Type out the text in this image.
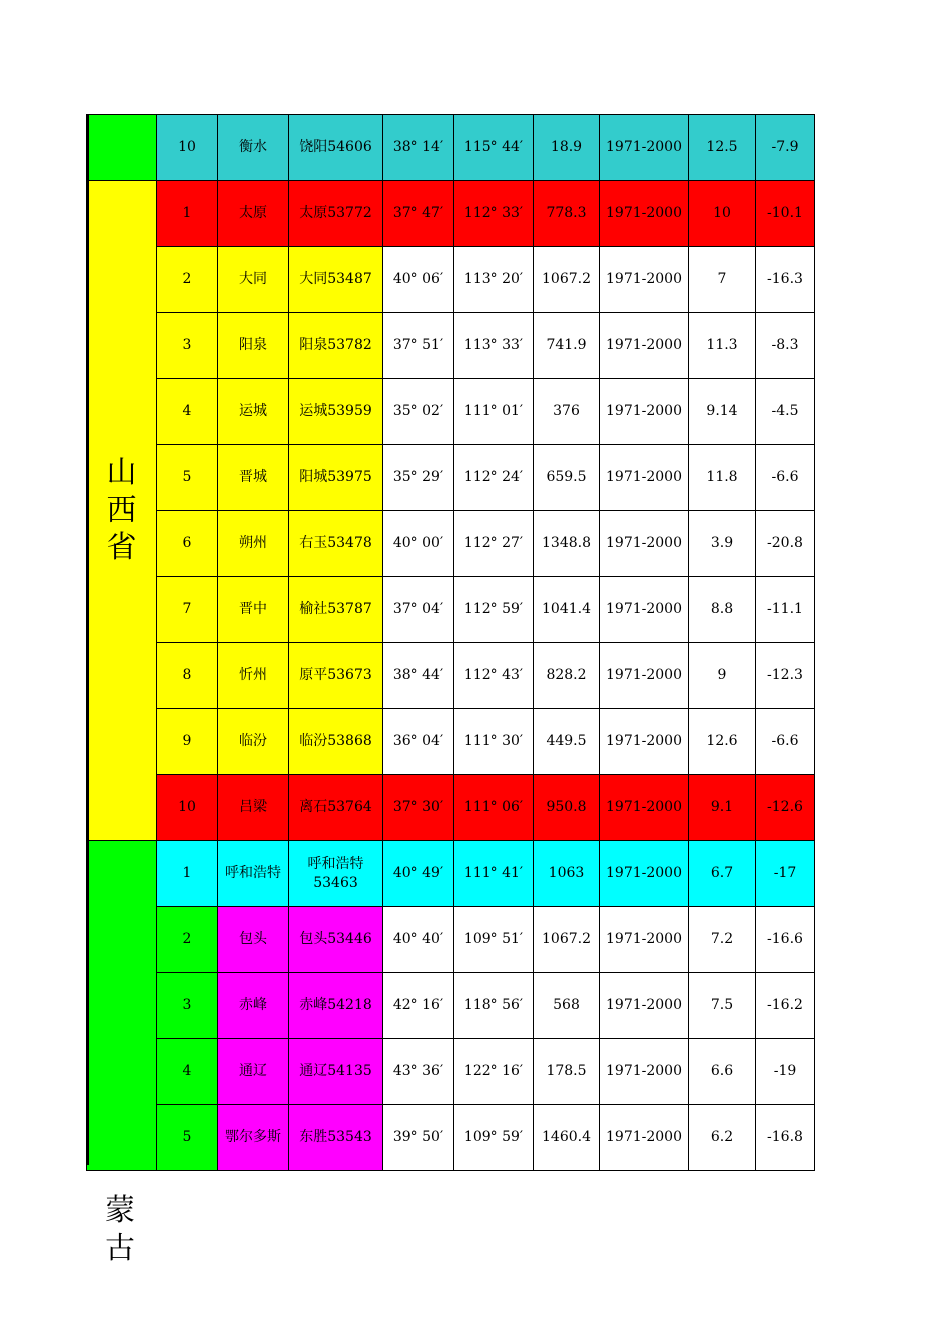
	10	衡水	饶阳54606	38° 14′	115° 44′	18.9	1971-2000	12.5	-7.9
山西省	1	太原	太原53772	37° 47′	112° 33′	778.3	1971-2000	10	-10.1
	2	大同	大同53487	40° 06′	113° 20′	1067.2	1971-2000	7	-16.3
	3	阳泉	阳泉53782	37° 51′	113° 33′	741.9	1971-2000	11.3	-8.3
	4	运城	运城53959	35° 02′	111° 01′	376	1971-2000	9.14	-4.5
	5	晋城	阳城53975	35° 29′	112° 24′	659.5	1971-2000	11.8	-6.6
	6	朔州	右玉53478	40° 00′	112° 27′	1348.8	1971-2000	3.9	-20.8
	7	晋中	榆社53787	37° 04′	112° 59′	1041.4	1971-2000	8.8	-11.1
	8	忻州	原平53673	38° 44′	112° 43′	828.2	1971-2000	9	-12.3
	9	临汾	临汾53868	36° 04′	111° 30′	449.5	1971-2000	12.6	-6.6
	10	吕梁	离石53764	37° 30′	111° 06′	950.8	1971-2000	9.1	-12.6
	1	呼和浩特	呼和浩特53463	40° 49′	111° 41′	1063	1971-2000	6.7	-17
	2	包头	包头53446	40° 40′	109° 51′	1067.2	1971-2000	7.2	-16.6
	3	赤峰	赤峰54218	42° 16′	118° 56′	568	1971-2000	7.5	-16.2
	4	通辽	通辽54135	43° 36′	122° 16′	178.5	1971-2000	6.6	-19
	5	鄂尔多斯	东胜53543	39° 50′	109° 59′	1460.4	1971-2000	6.2	-16.8
蒙古
